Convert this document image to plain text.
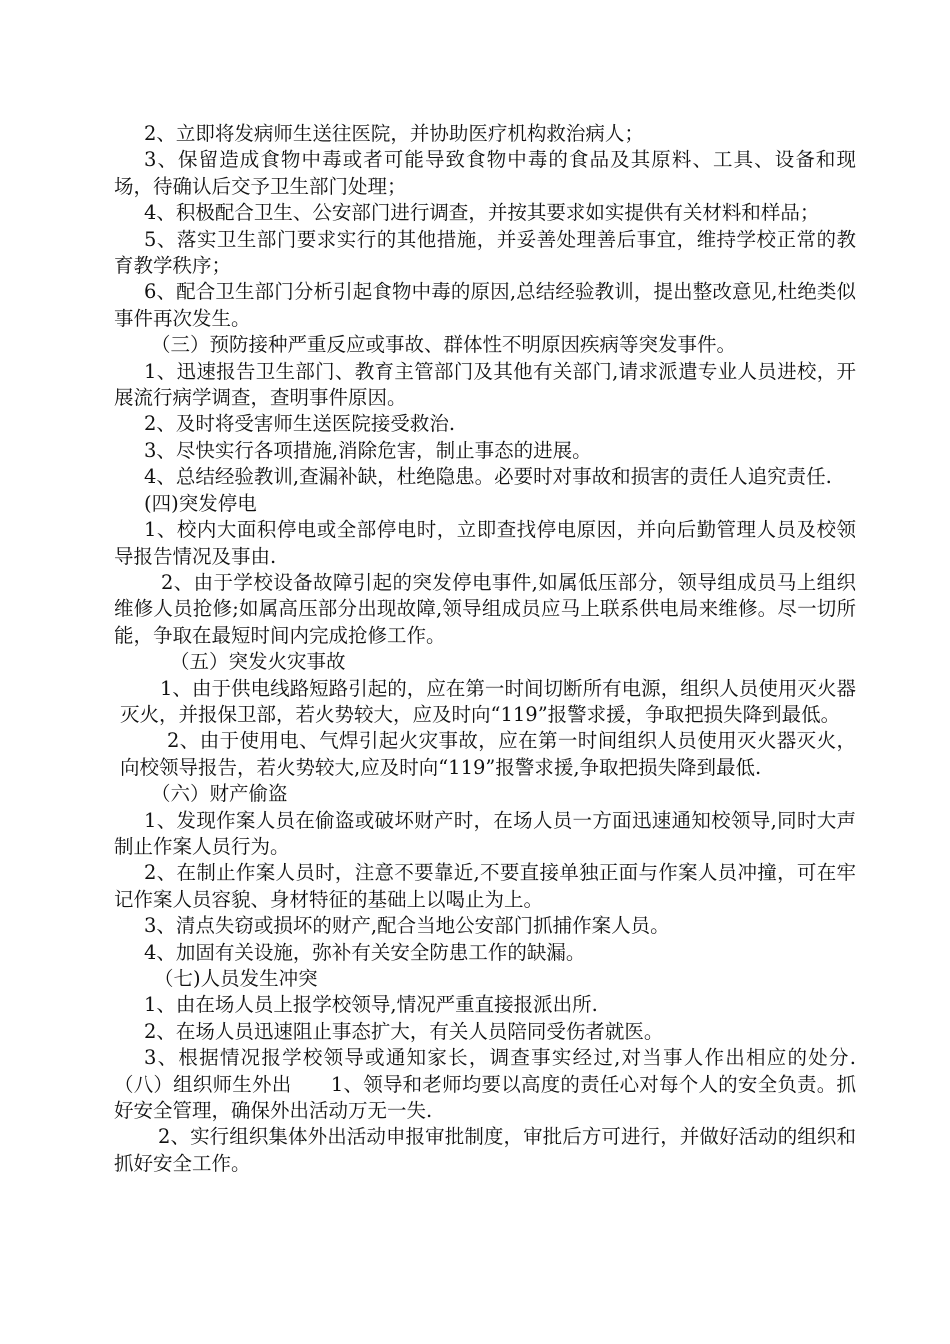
2、立即将发病师生送往医院，并协助医疗机构救治病人；

3、保留造成食物中毒或者可能导致食物中毒的食品及其原料、工具、设备和现场，待确认后交予卫生部门处理；

4、积极配合卫生、公安部门进行调查，并按其要求如实提供有关材料和样品；

5、落实卫生部门要求实行的其他措施，并妥善处理善后事宜，维持学校正常的教育教学秩序；

6、配合卫生部门分析引起食物中毒的原因,总结经验教训，提出整改意见,杜绝类似事件再次发生。

（三）预防接种严重反应或事故、群体性不明原因疾病等突发事件。

1、迅速报告卫生部门、教育主管部门及其他有关部门,请求派遣专业人员进校，开展流行病学调查，查明事件原因。

2、及时将受害师生送医院接受救治.

3、尽快实行各项措施,消除危害，制止事态的进展。

4、总结经验教训,查漏补缺，杜绝隐患。必要时对事故和损害的责任人追究责任.

(四)突发停电

1、校内大面积停电或全部停电时，立即查找停电原因，并向后勤管理人员及校领导报告情况及事由.

2、由于学校设备故障引起的突发停电事件,如属低压部分，领导组成员马上组织维修人员抢修;如属高压部分出现故障,领导组成员应马上联系供电局来维修。尽一切所能，争取在最短时间内完成抢修工作。

（五）突发火灾事故

1、由于供电线路短路引起的，应在第一时间切断所有电源，组织人员使用灭火器灭火，并报保卫部，若火势较大，应及时向“119”报警求援，争取把损失降到最低。

2、由于使用电、气焊引起火灾事故，应在第一时间组织人员使用灭火器灭火，向校领导报告，若火势较大,应及时向“119”报警求援,争取把损失降到最低.

（六）财产偷盗

1、发现作案人员在偷盗或破坏财产时，在场人员一方面迅速通知校领导,同时大声制止作案人员行为。

2、在制止作案人员时，注意不要靠近,不要直接单独正面与作案人员冲撞，可在牢记作案人员容貌、身材特征的基础上以喝止为上。

3、清点失窃或损坏的财产,配合当地公安部门抓捕作案人员。

4、加固有关设施，弥补有关安全防患工作的缺漏。

（七)人员发生冲突

1、由在场人员上报学校领导,情况严重直接报派出所.

2、在场人员迅速阻止事态扩大，有关人员陪同受伤者就医。

3、根据情况报学校领导或通知家长，调查事实经过,对当事人作出相应的处分.　（八）组织师生外出　　1、领导和老师均要以高度的责任心对每个人的安全负责。抓好安全管理，确保外出活动万无一失.

2、实行组织集体外出活动申报审批制度，审批后方可进行，并做好活动的组织和抓好安全工作。
